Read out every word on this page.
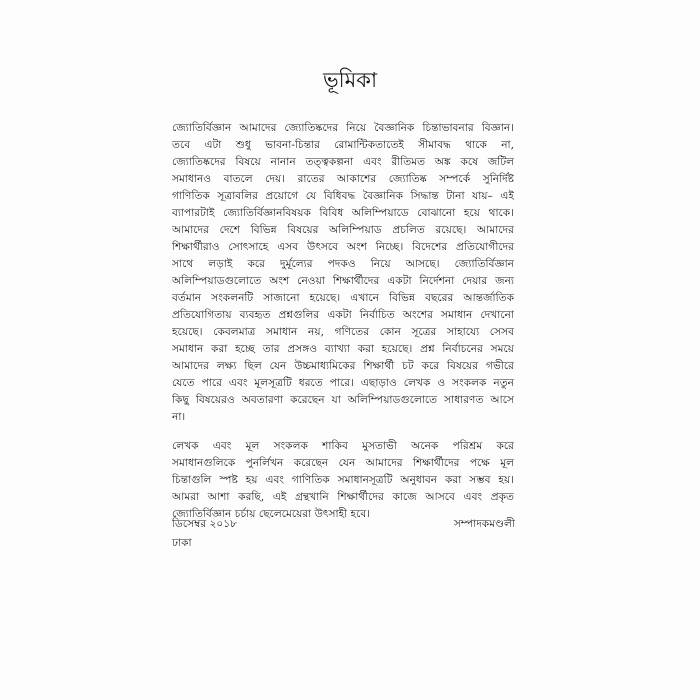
ভূমিকা
জ্যোতির্বিজ্ঞান আমাদের জ্যোতিষ্কদের নিয়ে বৈজ্ঞানিক চিন্তাভাবনার বিজ্ঞান।
তবে এটা শুধু ভাবনা-চিন্তার রোমান্টিকতাতেই সীমাবদ্ধ থাকে না,
জ্যোতিষ্কদের বিষয়ে নানান তত্ত্বকল্পনা এবং রীতিমত অঙ্ক কষে জটিল
সমাধানও বাতলে দেয়। রাতের আকাশের জ্যোতিষ্ক সম্পর্কে সুনির্দিষ্ট
গাণিতিক সূত্রাবলির প্রয়োগে যে বিধিবদ্ধ বৈজ্ঞানিক সিদ্ধান্ত টানা যায়– এই
ব্যাপারটাই জ্যোতির্বিজ্ঞানবিষয়ক বিবিধ অলিম্পিয়াডে বোঝানো হয়ে থাকে।
আমাদের দেশে বিভিন্ন বিষয়ের অলিম্পিয়াড প্রচলিত রয়েছে। আমাদের
শিক্ষার্থীরাও সোৎসাহে এসব উৎসবে অংশ নিচ্ছে। বিদেশের প্রতিযোগীদের
সাথে লড়াই করে দুর্মূল্যের পদকও নিয়ে আসছে। জ্যোতির্বিজ্ঞান
অলিম্পিয়াডগুলোতে অংশ নেওয়া শিক্ষার্থীদের একটা নির্দেশনা দেয়ার জন্য
বর্তমান সংকলনটি সাজানো হয়েছে। এখানে বিভিন্ন বছরের আন্তর্জাতিক
প্রতিযোগিতায় ব্যবহৃত প্রশ্নগুলির একটা নির্বাচিত অংশের সমাধান দেখানো
হয়েছে। কেবলমাত্র সমাধান নয়, গণিতের কোন সূত্রের সাহায্যে সেসব
সমাধান করা হচ্ছে তার প্রসঙ্গও ব্যাখ্যা করা হয়েছে। প্রশ্ন নির্বাচনের সময়ে
আমাদের লক্ষ্য ছিল যেন উচ্চমাধ্যমিকের শিক্ষার্থী চট করে বিষয়ের গভীরে
যেতে পারে এবং মূলসূত্রটি ধরতে পারে। এছাড়াও লেখক ও সংকলক নতুন
কিছু বিষয়েরও অবতারণা করেছেন যা অলিম্পিয়াডগুলোতে সাধারণত আসে
না।
লেখক এবং মূল সংকলক শাকিব মুসতাভী অনেক পরিশ্রম করে
সমাধানগুলিকে পুনর্লিখন করেছেন যেন আমাদের শিক্ষার্থীদের পক্ষে মূল
চিন্তাগুলি স্পষ্ট হয় এবং গাণিতিক সমাধানসূত্রটি অনুধাবন করা সম্ভব হয়।
আমরা আশা করছি, এই গ্রন্থখানি শিক্ষার্থীদের কাজে আসবে এবং প্রকৃত
জ্যোতির্বিজ্ঞান চর্চায় ছেলেমেয়েরা উৎসাহী হবে।
ডিসেম্বর ২০১৮
ঢাকা
সম্পাদকমণ্ডলী
